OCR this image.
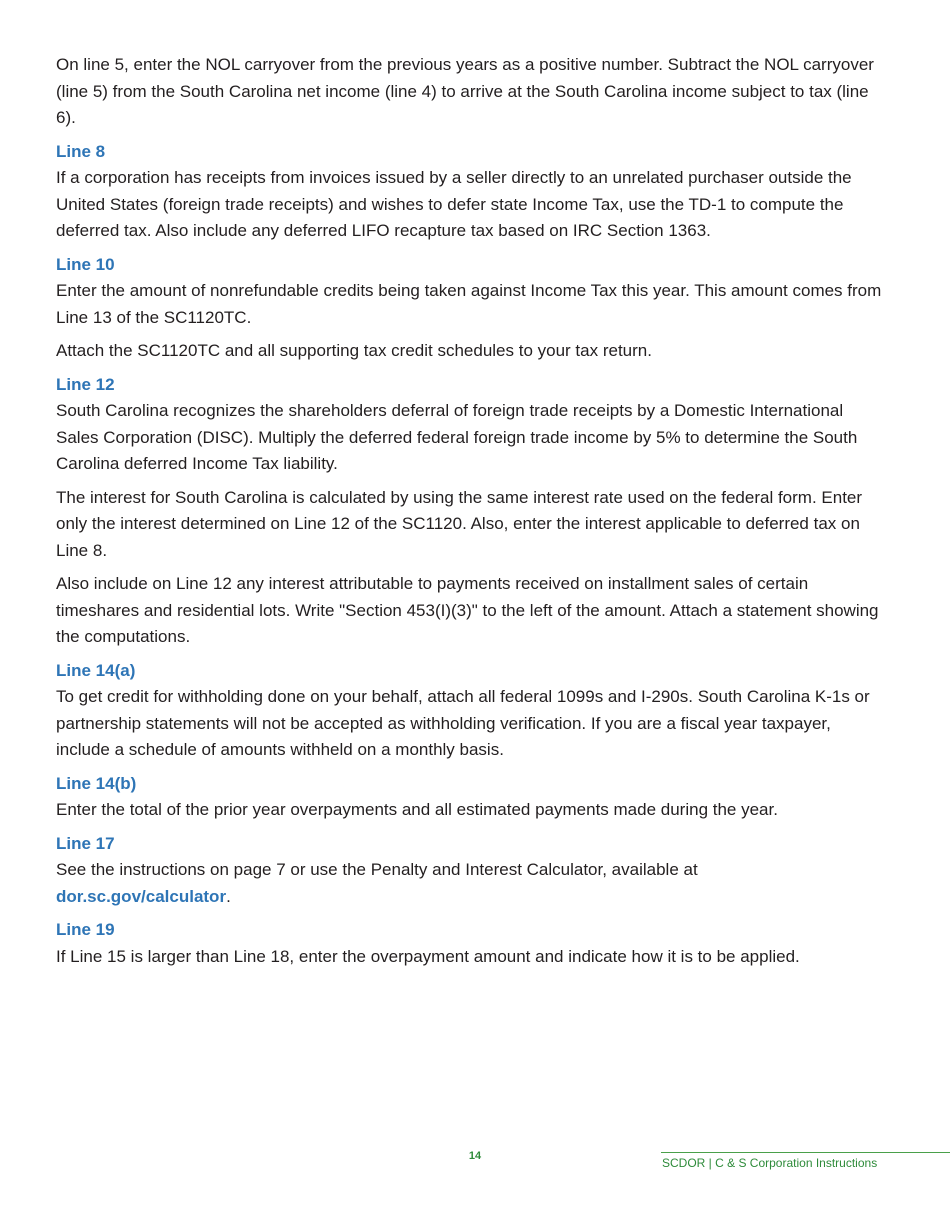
On line 5, enter the NOL carryover from the previous years as a positive number. Subtract the NOL carryover (line 5) from the South Carolina net income (line 4) to arrive at the South Carolina income subject to tax (line 6).

Line 8

If a corporation has receipts from invoices issued by a seller directly to an unrelated purchaser outside the United States (foreign trade receipts) and wishes to defer state Income Tax, use the TD-1 to compute the deferred tax. Also include any deferred LIFO recapture tax based on IRC Section 1363.

Line 10

Enter the amount of nonrefundable credits being taken against Income Tax this year. This amount comes from Line 13 of the SC1120TC.

Attach the SC1120TC and all supporting tax credit schedules to your tax return.

Line 12

South Carolina recognizes the shareholders deferral of foreign trade receipts by a Domestic International Sales Corporation (DISC). Multiply the deferred federal foreign trade income by 5% to determine the South Carolina deferred Income Tax liability.

The interest for South Carolina is calculated by using the same interest rate used on the federal form. Enter only the interest determined on Line 12 of the SC1120. Also, enter the interest applicable to deferred tax on Line 8.

Also include on Line 12 any interest attributable to payments received on installment sales of certain timeshares and residential lots. Write "Section 453(I)(3)" to the left of the amount. Attach a statement showing the computations.

Line 14(a)

To get credit for withholding done on your behalf, attach all federal 1099s and I-290s. South Carolina K-1s or partnership statements will not be accepted as withholding verification. If you are a fiscal year taxpayer, include a schedule of amounts withheld on a monthly basis.

Line 14(b)

Enter the total of the prior year overpayments and all estimated payments made during the year.

Line 17

See the instructions on page 7 or use the Penalty and Interest Calculator, available at
dor.sc.gov/calculator.

Line 19

If Line 15 is larger than Line 18, enter the overpayment amount and indicate how it is to be applied.

14	SCDOR | C & S Corporation Instructions
